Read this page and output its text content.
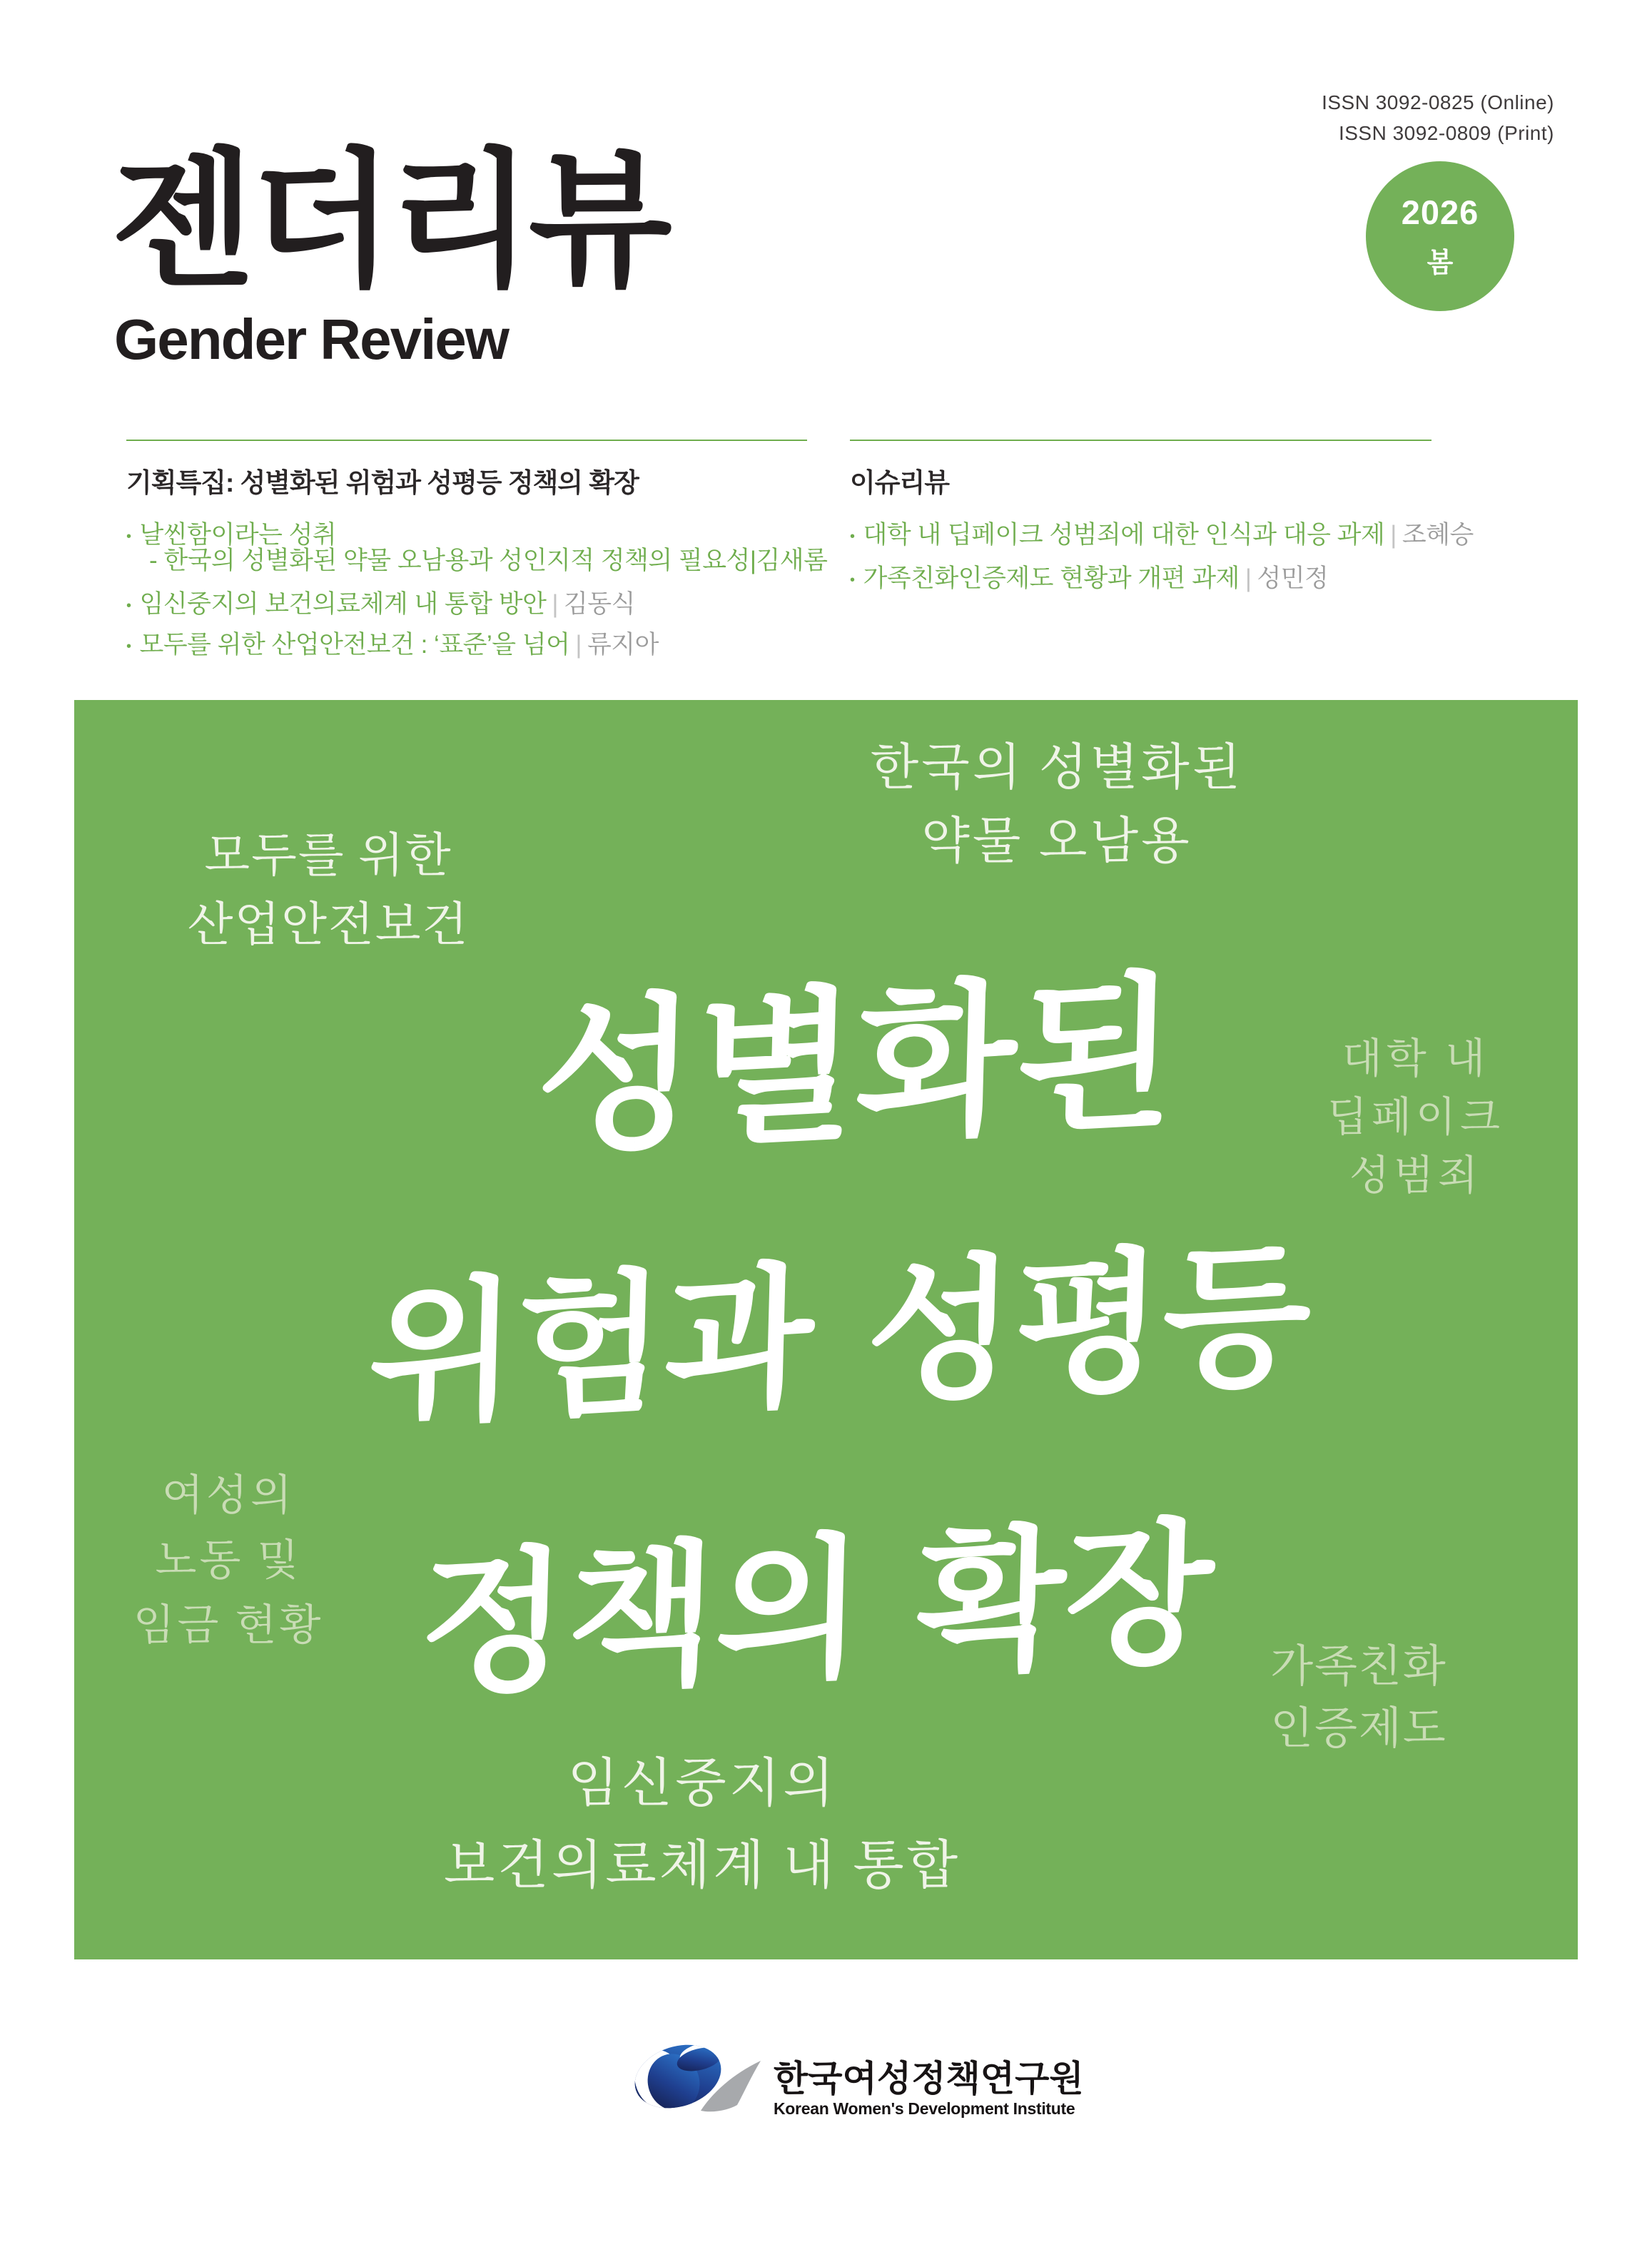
ISSN 3092-0825 (Online)
ISSN 3092-0809 (Print)
젠더리뷰
Gender Review
2026
봄
기획특집: 성별화된 위험과 성평등 정책의 확장
• 날씬함이라는 성취
- 한국의 성별화된 약물 오남용과 성인지적 정책의 필요성|김새롬
• 임신중지의 보건의료체계 내 통합 방안 | 김동식
• 모두를 위한 산업안전보건 : ‘표준’을 넘어 | 류지아
이슈리뷰
• 대학 내 딥페이크 성범죄에 대한 인식과 대응 과제 | 조혜승
• 가족친화인증제도 현황과 개편 과제 | 성민정
한국의 성별화된
약물 오남용
모두를 위한
산업안전보건
성별화된
위험과 성평등
정책의 확장
대학 내
딥페이크
성범죄
여성의
노동 및
임금 현황
가족친화
인증제도
임신중지의
보건의료체계 내 통합
한국여성정책연구원
Korean Women's Development Institute
